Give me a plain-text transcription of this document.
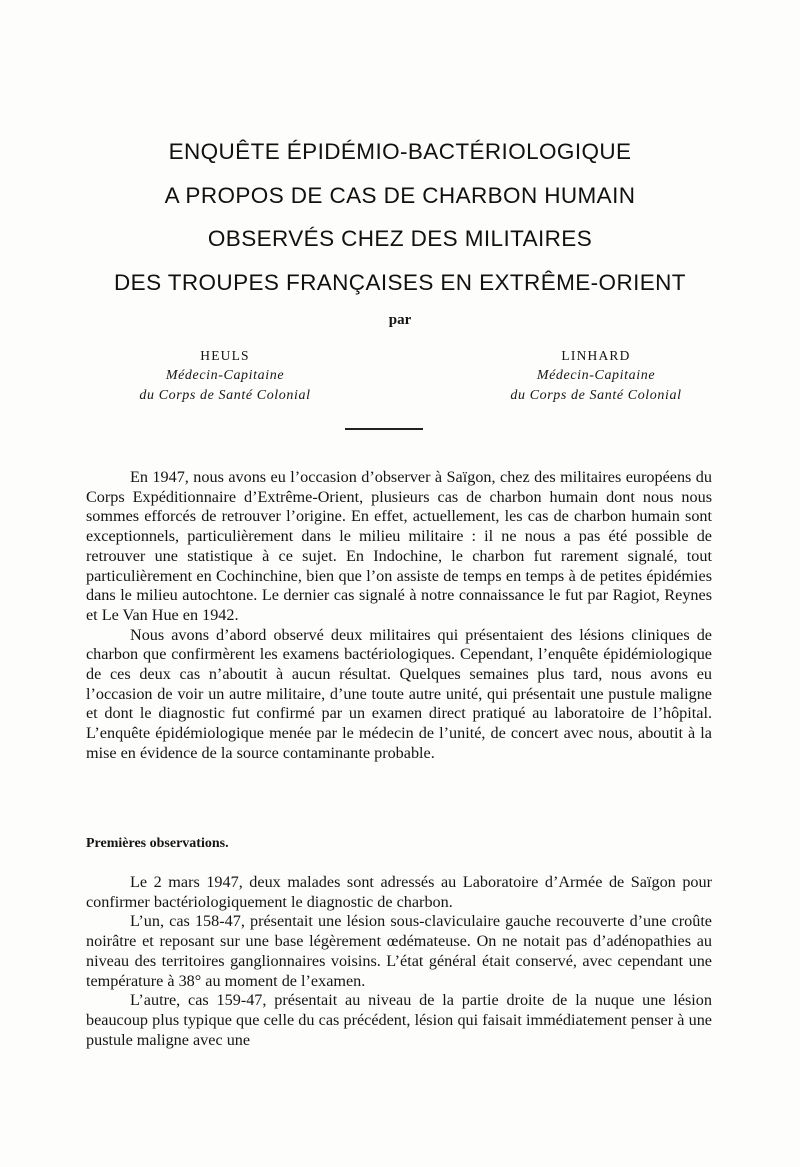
ENQUÊTE ÉPIDÉMIO-BACTÉRIOLOGIQUE
A PROPOS DE CAS DE CHARBON HUMAIN
OBSERVÉS CHEZ DES MILITAIRES
DES TROUPES FRANÇAISES EN EXTRÊME-ORIENT
par
HEULS
Médecin-Capitaine
du Corps de Santé Colonial
LINHARD
Médecin-Capitaine
du Corps de Santé Colonial

En 1947, nous avons eu l’occasion d’observer à Saïgon, chez des militaires européens du Corps Expéditionnaire d’Extrême-Orient, plusieurs cas de charbon humain dont nous nous sommes efforcés de retrouver l’origine. En effet, actuellement, les cas de charbon humain sont exceptionnels, particulièrement dans le milieu militaire : il ne nous a pas été possible de retrouver une statistique à ce sujet. En Indochine, le charbon fut rarement signalé, tout particulièrement en Cochinchine, bien que l’on assiste de temps en temps à de petites épidémies dans le milieu autochtone. Le dernier cas signalé à notre connaissance le fut par Ragiot, Reynes et Le Van Hue en 1942.

Nous avons d’abord observé deux militaires qui présentaient des lésions cliniques de charbon que confirmèrent les examens bactériologiques. Cependant, l’enquête épidémiologique de ces deux cas n’aboutit à aucun résultat. Quelques semaines plus tard, nous avons eu l’occasion de voir un autre militaire, d’une toute autre unité, qui présentait une pustule maligne et dont le diagnostic fut confirmé par un examen direct pratiqué au laboratoire de l’hôpital. L’enquête épidémiologique menée par le médecin de l’unité, de concert avec nous, aboutit à la mise en évidence de la source contaminante probable.

Premières observations.

Le 2 mars 1947, deux malades sont adressés au Laboratoire d’Armée de Saïgon pour confirmer bactériologiquement le diagnostic de charbon.

L’un, cas 158-47, présentait une lésion sous-claviculaire gauche recouverte d’une croûte noirâtre et reposant sur une base légèrement œdémateuse. On ne notait pas d’adénopathies au niveau des territoires ganglionnaires voisins. L’état général était conservé, avec cependant une température à 38° au moment de l’examen.

L’autre, cas 159-47, présentait au niveau de la partie droite de la nuque une lésion beaucoup plus typique que celle du cas précédent, lésion qui faisait immédiatement penser à une pustule maligne avec une
